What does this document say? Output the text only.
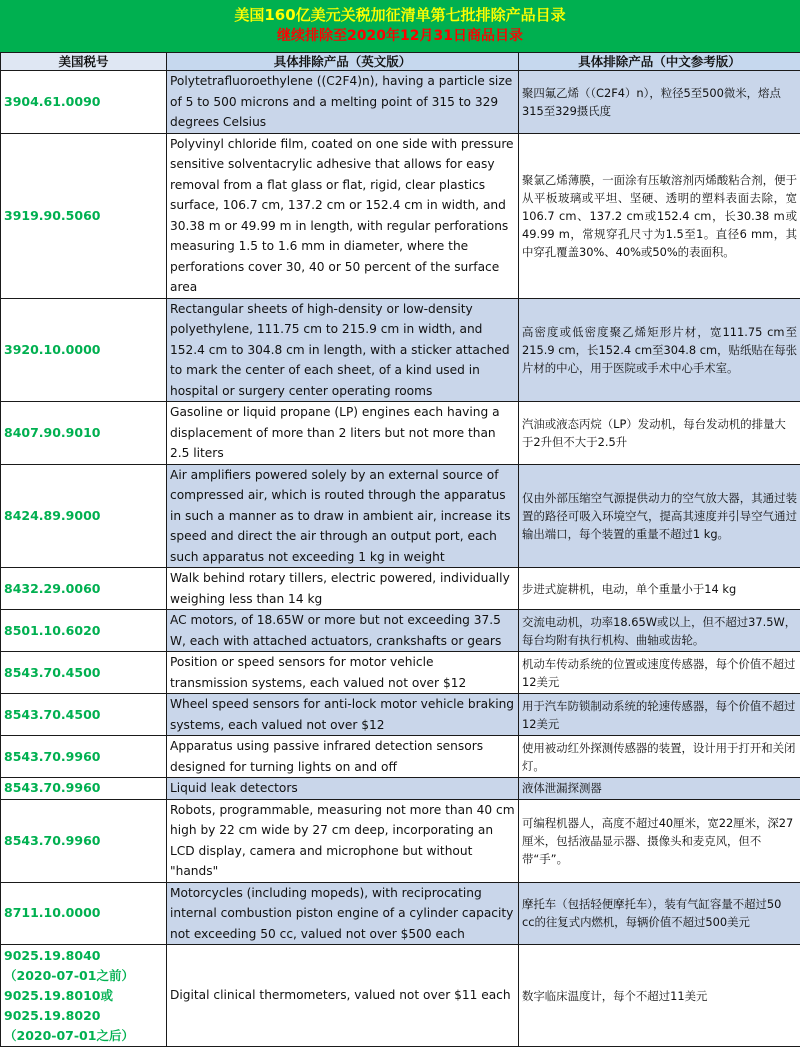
美国160亿美元关税加征清单第七批排除产品目录
继续排除至2020年12月31日商品目录
美国税号	具体排除产品（英文版）	具体排除产品（中文参考版）
3904.61.0090	Polytetrafluoroethylene ((C2F4)n), having a particle size of 5 to 500 microns and a melting point of 315 to 329 degrees Celsius	聚四氟乙烯（（C2F4）n），粒径5至500微米，熔点315至329摄氏度
3919.90.5060	Polyvinyl chloride film, coated on one side with pressure sensitive solventacrylic adhesive that allows for easy removal from a flat glass or flat, rigid, clear plastics surface, 106.7 cm, 137.2 cm or 152.4 cm in width, and 30.38 m or 49.99 m in length, with regular perforations measuring 1.5 to 1.6 mm in diameter, where the perforations cover 30, 40 or 50 percent of the surface area	聚氯乙烯薄膜，一面涂有压敏溶剂丙烯酸粘合剂，便于从平板玻璃或平坦、坚硬、透明的塑料表面去除，宽106.7 cm、137.2 cm或152.4 cm，长30.38 m或49.99 m，常规穿孔尺寸为1.5至1。直径6 mm，其中穿孔覆盖30%、40%或50%的表面积。
3920.10.0000	Rectangular sheets of high-density or low-density polyethylene, 111.75 cm to 215.9 cm in width, and 152.4 cm to 304.8 cm in length, with a sticker attached to mark the center of each sheet, of a kind used in hospital or surgery center operating rooms	高密度或低密度聚乙烯矩形片材，宽111.75 cm至215.9 cm，长152.4 cm至304.8 cm，贴纸贴在每张片材的中心，用于医院或手术中心手术室。
8407.90.9010	Gasoline or liquid propane (LP) engines each having a displacement of more than 2 liters but not more than 2.5 liters	汽油或液态丙烷（LP）发动机，每台发动机的排量大于2升但不大于2.5升
8424.89.9000	Air amplifiers powered solely by an external source of compressed air, which is routed through the apparatus in such a manner as to draw in ambient air, increase its speed and direct the air through an output port, each such apparatus not exceeding 1 kg in weight	仅由外部压缩空气源提供动力的空气放大器，其通过装置的路径可吸入环境空气，提高其速度并引导空气通过输出端口，每个装置的重量不超过1 kg。
8432.29.0060	Walk behind rotary tillers, electric powered, individually weighing less than 14 kg	步进式旋耕机，电动，单个重量小于14 kg
8501.10.6020	AC motors, of 18.65W or more but not exceeding 37.5 W, each with attached actuators, crankshafts or gears	交流电动机，功率18.65W或以上，但不超过37.5W，每台均附有执行机构、曲轴或齿轮。
8543.70.4500	Position or speed sensors for motor vehicle transmission systems, each valued not over $12	机动车传动系统的位置或速度传感器，每个价值不超过12美元
8543.70.4500	Wheel speed sensors for anti-lock motor vehicle braking systems, each valued not over $12	用于汽车防锁制动系统的轮速传感器，每个价值不超过12美元
8543.70.9960	Apparatus using passive infrared detection sensors designed for turning lights on and off	使用被动红外探测传感器的装置，设计用于打开和关闭灯。
8543.70.9960	Liquid leak detectors	液体泄漏探测器
8543.70.9960	Robots, programmable, measuring not more than 40 cm high by 22 cm wide by 27 cm deep, incorporating an LCD display, camera and microphone but without "hands"	可编程机器人，高度不超过40厘米，宽22厘米，深27厘米，包括液晶显示器、摄像头和麦克风，但不带“手”。
8711.10.0000	Motorcycles (including mopeds), with reciprocating internal combustion piston engine of a cylinder capacity not exceeding 50 cc, valued not over $500 each	摩托车（包括轻便摩托车），装有气缸容量不超过50 cc的往复式内燃机，每辆价值不超过500美元

9025.19.8040
（2020-07-01之前）
9025.19.8010或
9025.19.8020
（2020-07-01之后）	Digital clinical thermometers, valued not over $11 each	数字临床温度计，每个不超过11美元
